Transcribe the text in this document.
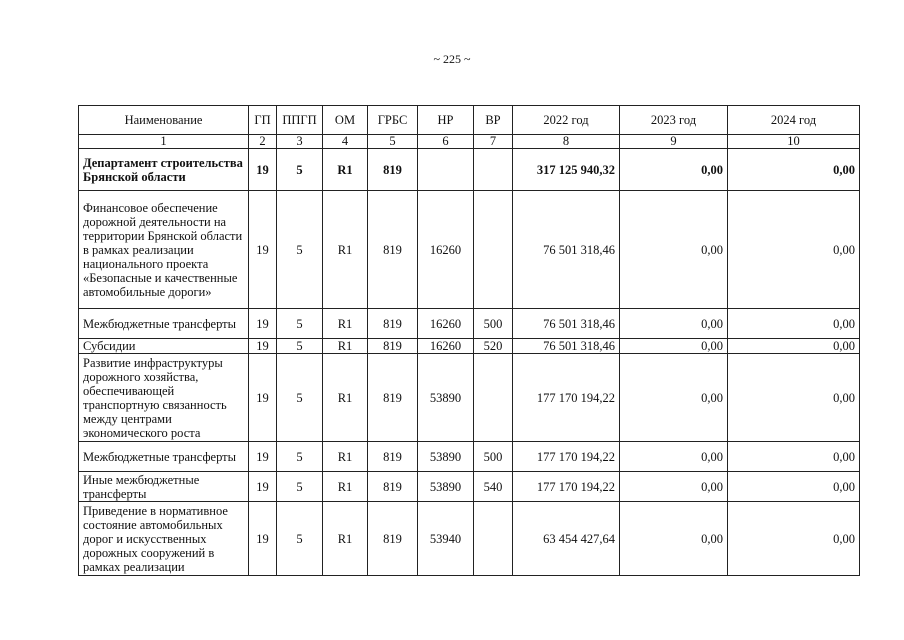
~ 225 ~
Наименование	ГП	ППГП	ОМ	ГРБС	НР	ВР	2022 год	2023 год	2024 год
1	2	3	4	5	6	7	8	9	10
Департамент строительства Брянской области	19	5	R1	819			317 125 940,32	0,00	0,00
Финансовое обеспечение дорожной деятельности на территории Брянской области в рамках реализации национального проекта «Безопасные и качественные автомобильные дороги»	19	5	R1	819	16260		76 501 318,46	0,00	0,00
Межбюджетные трансферты	19	5	R1	819	16260	500	76 501 318,46	0,00	0,00
Субсидии	19	5	R1	819	16260	520	76 501 318,46	0,00	0,00
Развитие инфраструктуры дорожного хозяйства, обеспечивающей транспортную связанность между центрами экономического роста	19	5	R1	819	53890		177 170 194,22	0,00	0,00
Межбюджетные трансферты	19	5	R1	819	53890	500	177 170 194,22	0,00	0,00
Иные межбюджетные трансферты	19	5	R1	819	53890	540	177 170 194,22	0,00	0,00
Приведение в нормативное состояние автомобильных дорог и искусственных дорожных сооружений в рамках реализации	19	5	R1	819	53940		63 454 427,64	0,00	0,00
